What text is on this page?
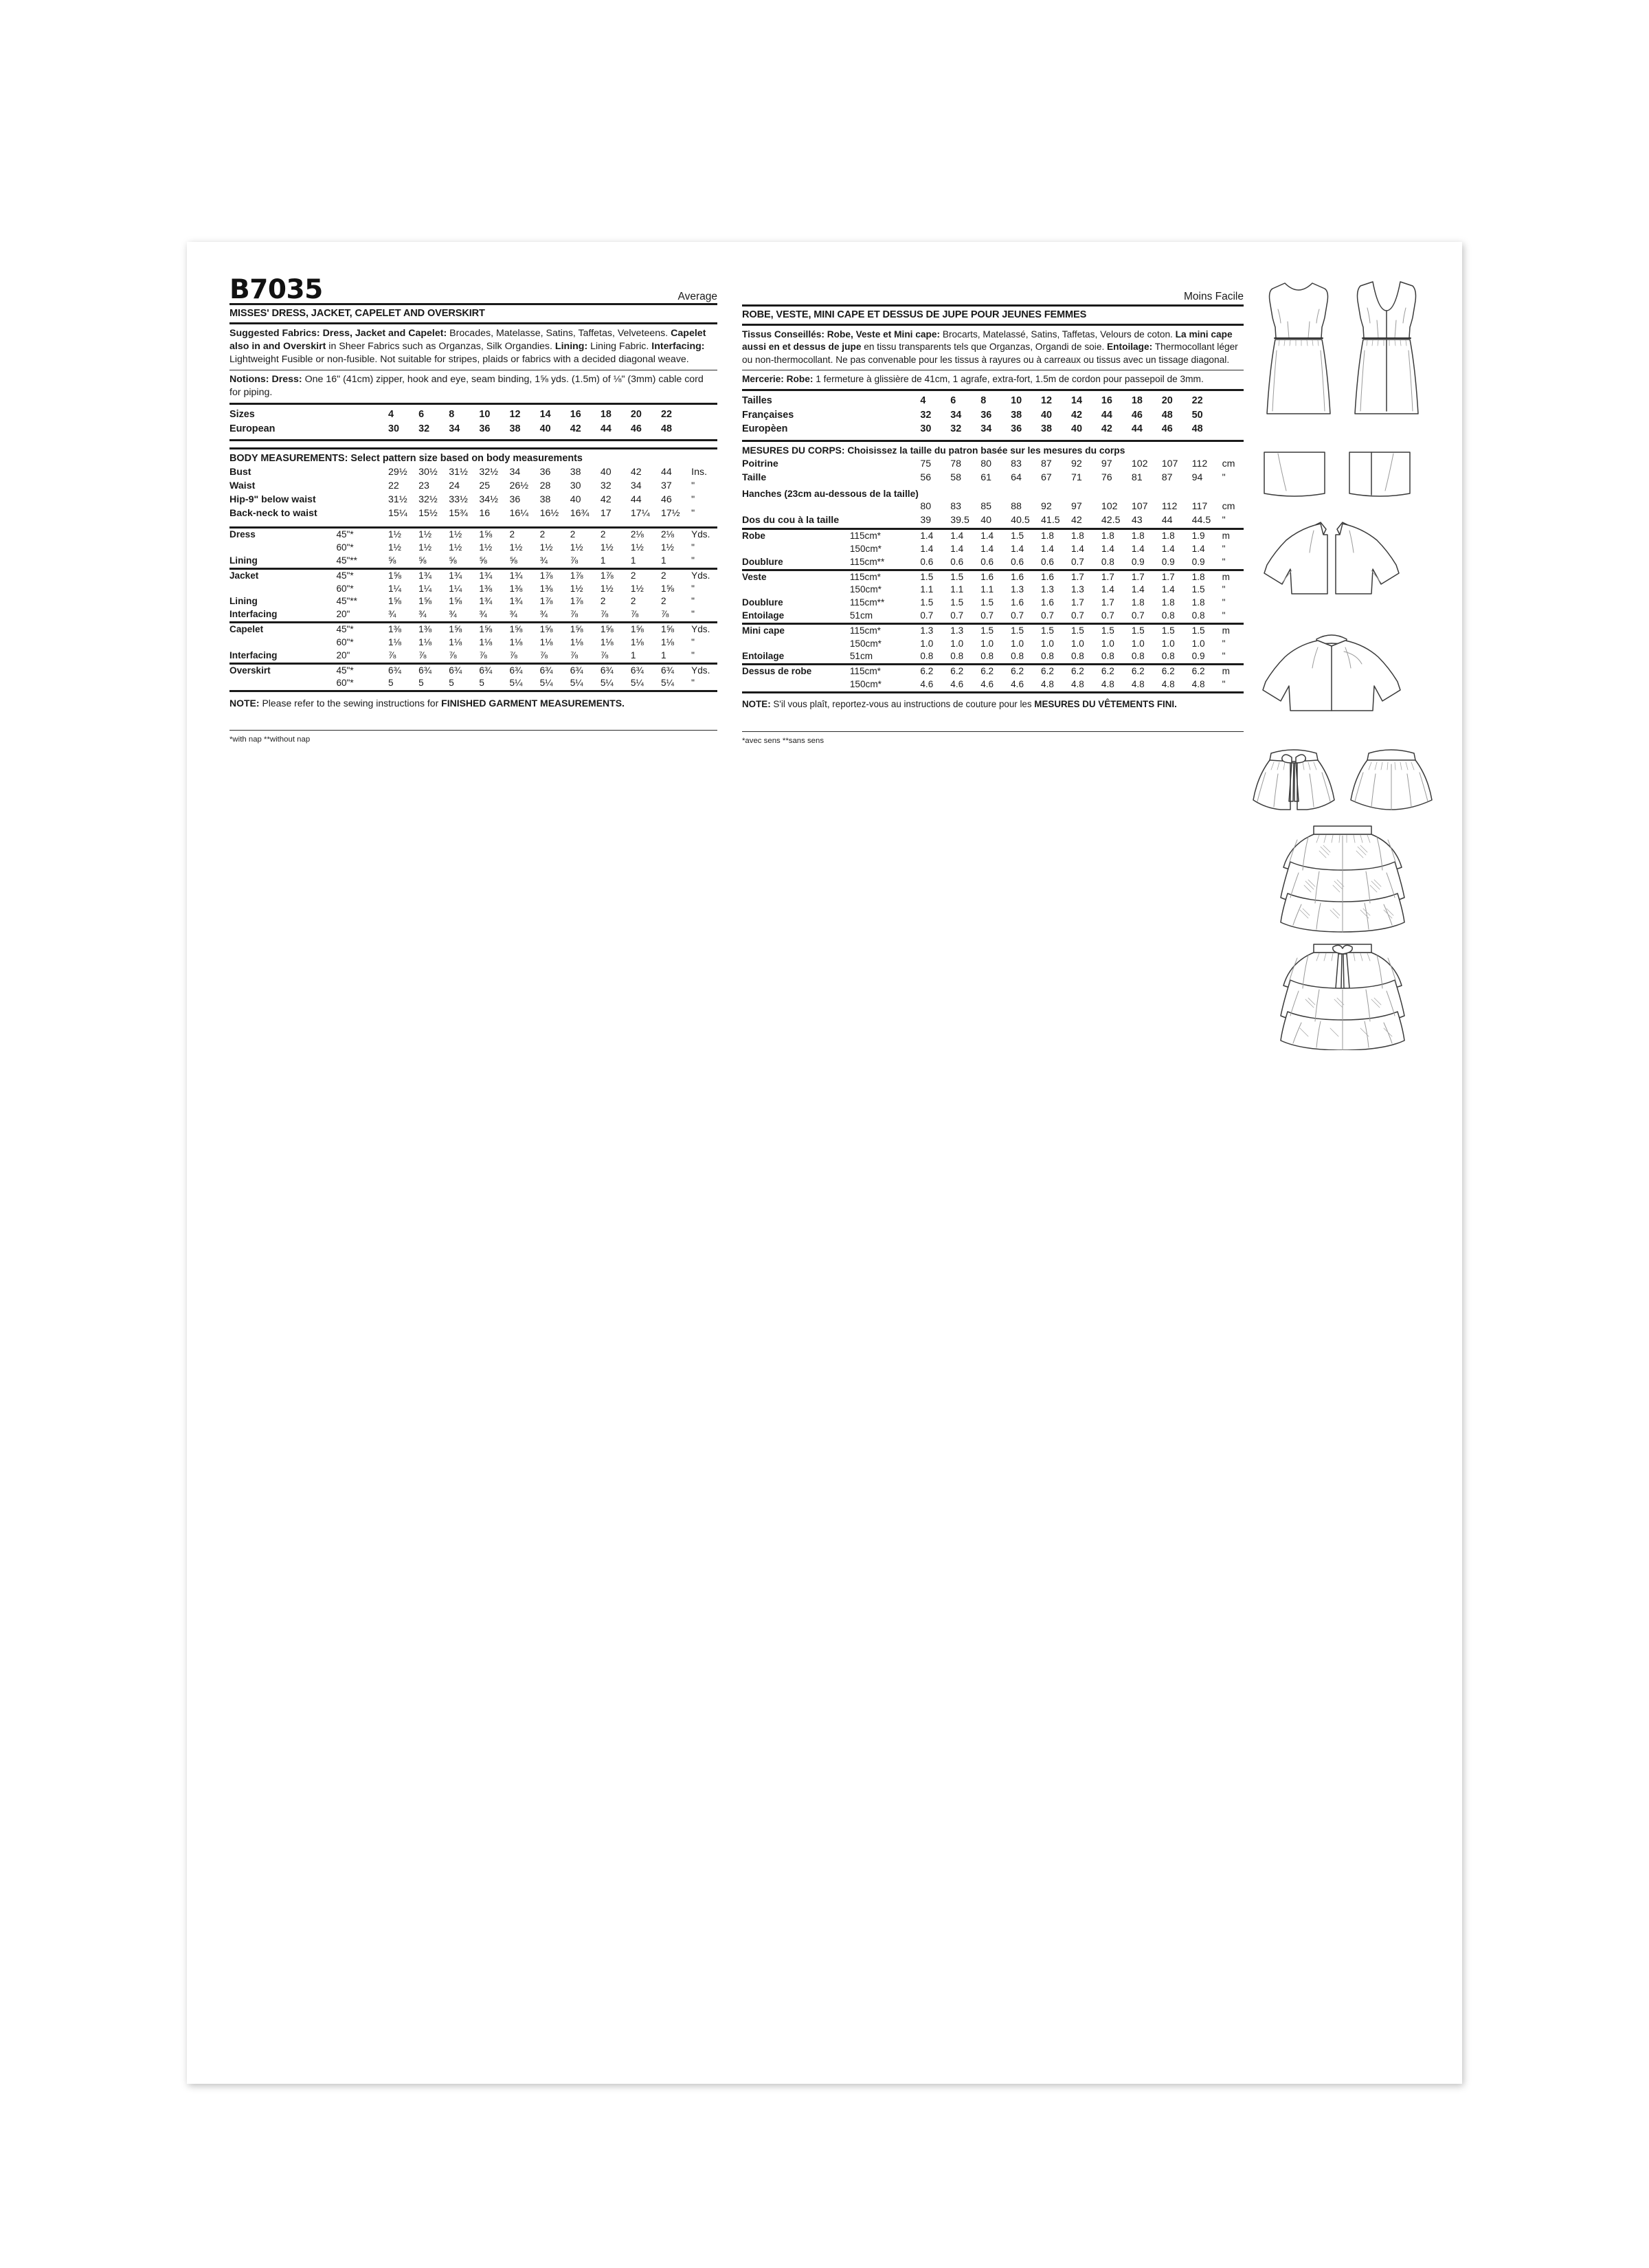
B7035	Average
MISSES' DRESS, JACKET, CAPELET AND OVERSKIRT
Suggested Fabrics: Dress, Jacket and Capelet: Brocades, Matelasse, Satins, Taffetas, Velveteens. Capelet also in and Overskirt in Sheer Fabrics such as Organzas, Silk Organdies. Lining: Lining Fabric. Interfacing: Lightweight Fusible or non-fusible. Not suitable for stripes, plaids or fabrics with a decided diagonal weave.
Notions: Dress: One 16" (41cm) zipper, hook and eye, seam binding, 1⅝ yds. (1.5m) of ⅛" (3mm) cable cord for piping.
Sizes		4	6	8	10	12	14	16	18	20	22	
European		30	32	34	36	38	40	42	44	46	48	
BODY MEASUREMENTS: Select pattern size based on body measurements
Bust		29½	30½	31½	32½	34	36	38	40	42	44	Ins.
Waist		22	23	24	25	26½	28	30	32	34	37	"
Hip-9" below waist		31½	32½	33½	34½	36	38	40	42	44	46	"
Back-neck to waist		15¼	15½	15¾	16	16¼	16½	16¾	17	17¼	17½	"
Dress	45"*	1½	1½	1½	1⅝	2	2	2	2	2⅛	2⅛	Yds.
	60"*	1½	1½	1½	1½	1½	1½	1½	1½	1½	1½	"
Lining	45"**	⅝	⅝	⅝	⅝	⅝	¾	⅞	1	1	1	"
Jacket	45"*	1⅝	1¾	1¾	1¾	1¾	1⅞	1⅞	1⅞	2	2	Yds.
	60"*	1¼	1¼	1¼	1⅜	1⅜	1⅜	1½	1½	1½	1⅝	"
Lining	45"**	1⅝	1⅝	1⅝	1¾	1¾	1⅞	1⅞	2	2	2	"
Interfacing	20"	¾	¾	¾	¾	¾	¾	⅞	⅞	⅞	⅞	"
Capelet	45"*	1⅜	1⅜	1⅝	1⅝	1⅝	1⅝	1⅝	1⅝	1⅝	1⅝	Yds.
	60"*	1⅛	1⅛	1⅛	1⅛	1⅛	1⅛	1⅛	1⅛	1⅛	1⅛	"
Interfacing	20"	⅞	⅞	⅞	⅞	⅞	⅞	⅞	⅞	1	1	"
Overskirt	45"*	6¾	6¾	6¾	6¾	6¾	6¾	6¾	6¾	6¾	6¾	Yds.
	60"*	5	5	5	5	5¼	5¼	5¼	5¼	5¼	5¼	"
NOTE: Please refer to the sewing instructions for FINISHED GARMENT MEASUREMENTS.
*with nap **without nap
Moins Facile
ROBE, VESTE, MINI CAPE ET DESSUS DE JUPE POUR JEUNES FEMMES
Tissus Conseillés: Robe, Veste et Mini cape: Brocarts, Matelassé, Satins, Taffetas, Velours de coton. La mini cape aussi en et dessus de jupe en tissu transparents tels que Organzas, Organdi de soie. Entoilage: Thermocollant léger ou non-thermocollant. Ne pas convenable pour les tissus à rayures ou à carreaux ou tissus avec un tissage diagonal.
Mercerie: Robe: 1 fermeture à glissière de 41cm, 1 agrafe, extra-fort, 1.5m de cordon pour passepoil de 3mm.
Tailles		4	6	8	10	12	14	16	18	20	22	
Françaises		32	34	36	38	40	42	44	46	48	50	
Europèen		30	32	34	36	38	40	42	44	46	48	
MESURES DU CORPS: Choisissez la taille du patron basée sur les mesures du corps
Poitrine		75	78	80	83	87	92	97	102	107	112	cm
Taille		56	58	61	64	67	71	76	81	87	94	"
Hanches (23cm au-dessous de la taille)
		80	83	85	88	92	97	102	107	112	117	cm
Dos du cou à la taille		39	39.5	40	40.5	41.5	42	42.5	43	44	44.5	"
Robe	115cm*	1.4	1.4	1.4	1.5	1.8	1.8	1.8	1.8	1.8	1.9	m
	150cm*	1.4	1.4	1.4	1.4	1.4	1.4	1.4	1.4	1.4	1.4	"
Doublure	115cm**	0.6	0.6	0.6	0.6	0.6	0.7	0.8	0.9	0.9	0.9	"
Veste	115cm*	1.5	1.5	1.6	1.6	1.6	1.7	1.7	1.7	1.7	1.8	m
	150cm*	1.1	1.1	1.1	1.3	1.3	1.3	1.4	1.4	1.4	1.5	"
Doublure	115cm**	1.5	1.5	1.5	1.6	1.6	1.7	1.7	1.8	1.8	1.8	"
Entoilage	51cm	0.7	0.7	0.7	0.7	0.7	0.7	0.7	0.7	0.8	0.8	"
Mini cape	115cm*	1.3	1.3	1.5	1.5	1.5	1.5	1.5	1.5	1.5	1.5	m
	150cm*	1.0	1.0	1.0	1.0	1.0	1.0	1.0	1.0	1.0	1.0	"
Entoilage	51cm	0.8	0.8	0.8	0.8	0.8	0.8	0.8	0.8	0.8	0.9	"
Dessus de robe	115cm*	6.2	6.2	6.2	6.2	6.2	6.2	6.2	6.2	6.2	6.2	m
	150cm*	4.6	4.6	4.6	4.6	4.8	4.8	4.8	4.8	4.8	4.8	"
NOTE: S'il vous plaît, reportez-vous au instructions de couture pour les MESURES DU VÊTEMENTS FINI.
*avec sens **sans sens
